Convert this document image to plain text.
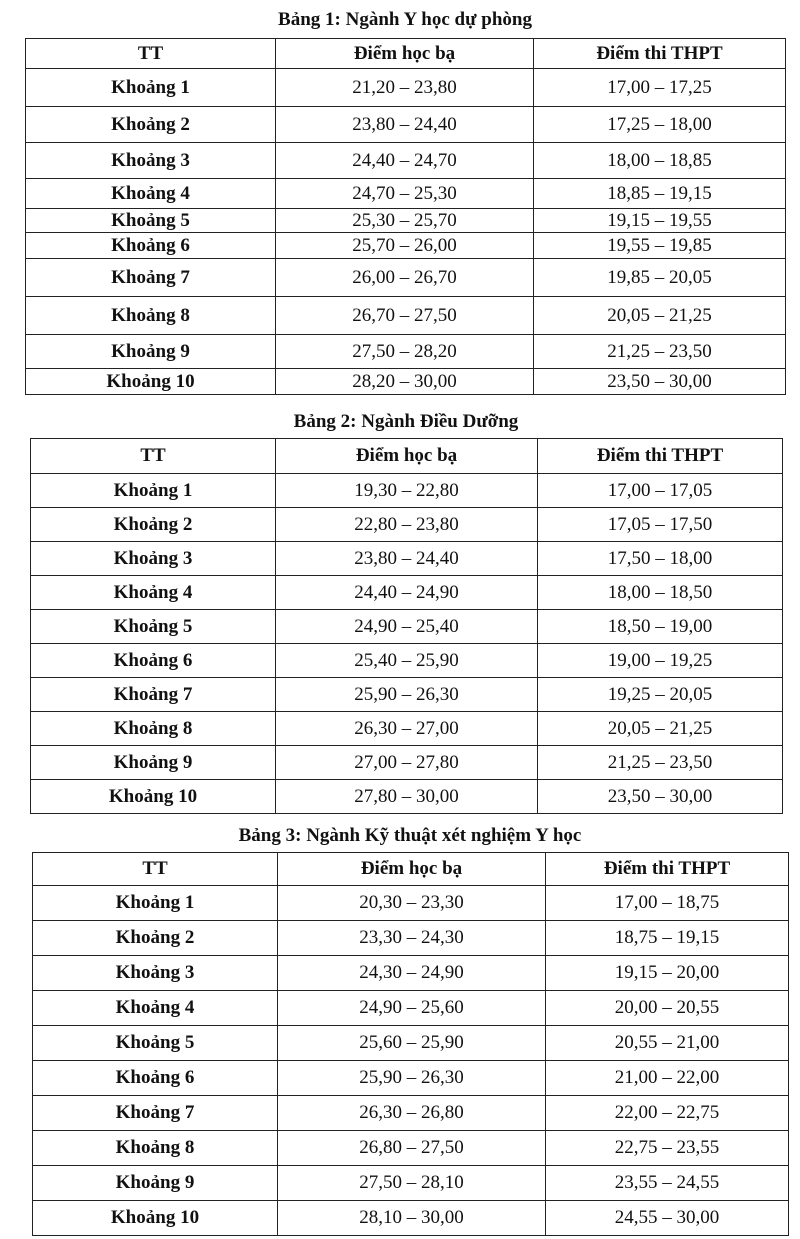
Bảng 1: Ngành Y học dự phòng
TT	Điểm học bạ	Điểm thi THPT
Khoảng 1	21,20 – 23,80	17,00 – 17,25
Khoảng 2	23,80 – 24,40	17,25 – 18,00
Khoảng 3	24,40 – 24,70	18,00 – 18,85
Khoảng 4	24,70 – 25,30	18,85 – 19,15
Khoảng 5	25,30 – 25,70	19,15 – 19,55
Khoảng 6	25,70 – 26,00	19,55 – 19,85
Khoảng 7	26,00 – 26,70	19,85 – 20,05
Khoảng 8	26,70 – 27,50	20,05 – 21,25
Khoảng 9	27,50 – 28,20	21,25 – 23,50
Khoảng 10	28,20 – 30,00	23,50 – 30,00
Bảng 2: Ngành Điều Dưỡng
TT	Điểm học bạ	Điểm thi THPT
Khoảng 1	19,30 – 22,80	17,00 – 17,05
Khoảng 2	22,80 – 23,80	17,05 – 17,50
Khoảng 3	23,80 – 24,40	17,50 – 18,00
Khoảng 4	24,40 – 24,90	18,00 – 18,50
Khoảng 5	24,90 – 25,40	18,50 – 19,00
Khoảng 6	25,40 – 25,90	19,00 – 19,25
Khoảng 7	25,90 – 26,30	19,25 – 20,05
Khoảng 8	26,30 – 27,00	20,05 – 21,25
Khoảng 9	27,00 – 27,80	21,25 – 23,50
Khoảng 10	27,80 – 30,00	23,50 – 30,00
Bảng 3: Ngành Kỹ thuật xét nghiệm Y học
TT	Điểm học bạ	Điểm thi THPT
Khoảng 1	20,30 – 23,30	17,00 – 18,75
Khoảng 2	23,30 – 24,30	18,75 – 19,15
Khoảng 3	24,30 – 24,90	19,15 – 20,00
Khoảng 4	24,90 – 25,60	20,00 – 20,55
Khoảng 5	25,60 – 25,90	20,55 – 21,00
Khoảng 6	25,90 – 26,30	21,00 – 22,00
Khoảng 7	26,30 – 26,80	22,00 – 22,75
Khoảng 8	26,80 – 27,50	22,75 – 23,55
Khoảng 9	27,50 – 28,10	23,55 – 24,55
Khoảng 10	28,10 – 30,00	24,55 – 30,00
